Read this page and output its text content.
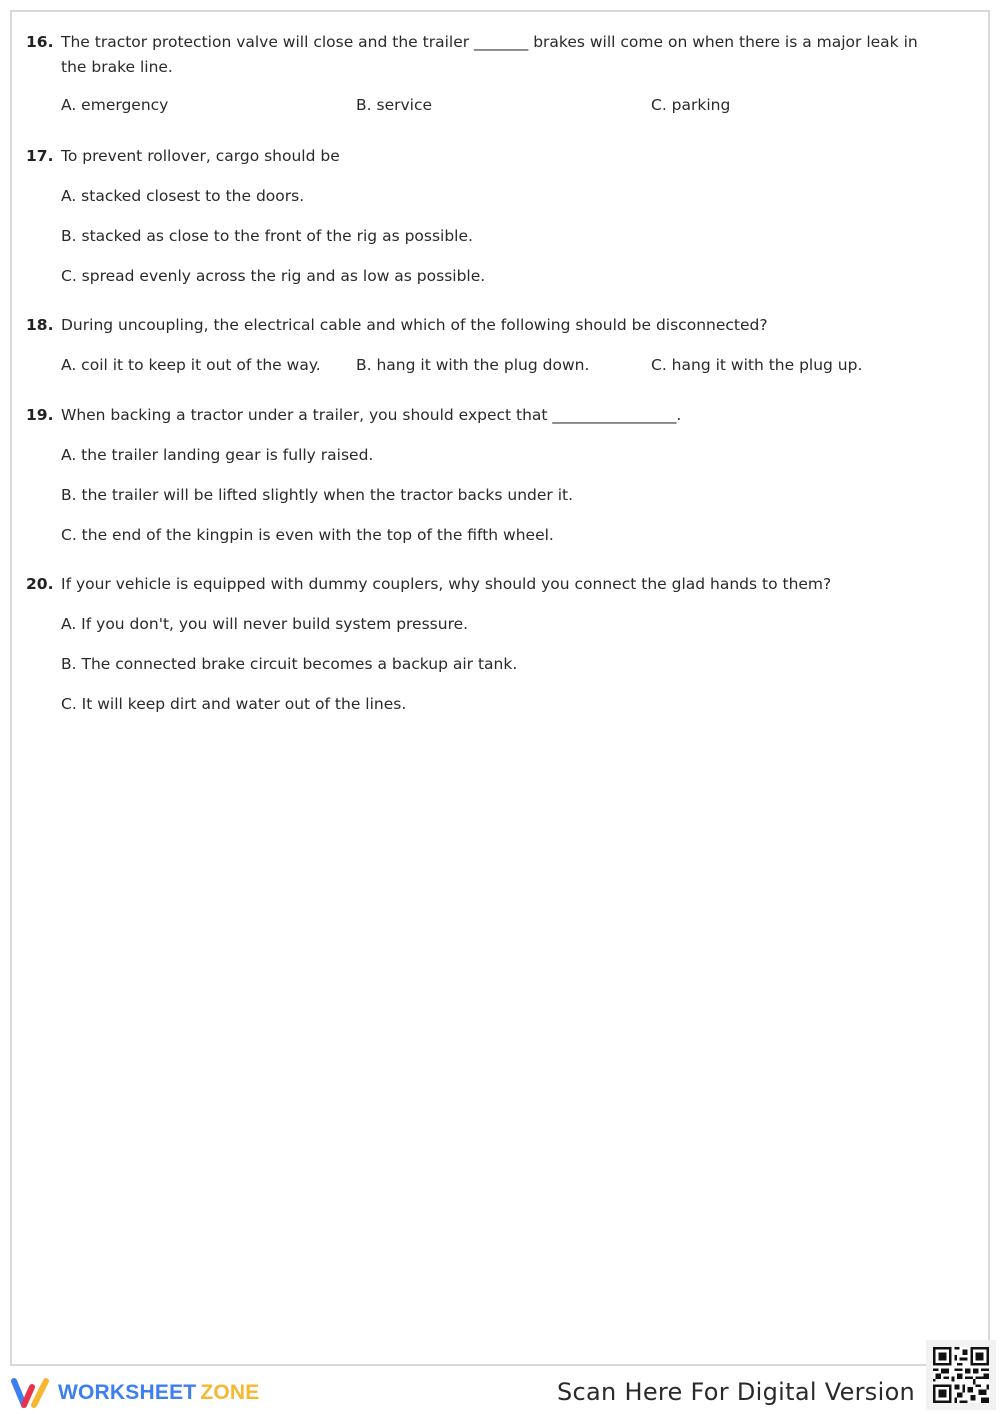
16. The tractor protection valve will close and the trailer _______ brakes will come on when there is a major leak in the brake line.
A. emergency	B. service	C. parking
17. To prevent rollover, cargo should be
A. stacked closest to the doors.
B. stacked as close to the front of the rig as possible.
C. spread evenly across the rig and as low as possible.
18. During uncoupling, the electrical cable and which of the following should be disconnected?
A. coil it to keep it out of the way.	B. hang it with the plug down.	C. hang it with the plug up.
19. When backing a tractor under a trailer, you should expect that ________________.
A. the trailer landing gear is fully raised.
B. the trailer will be lifted slightly when the tractor backs under it.
C. the end of the kingpin is even with the top of the fifth wheel.
20. If your vehicle is equipped with dummy couplers, why should you connect the glad hands to them?
A. If you don't, you will never build system pressure.
B. The connected brake circuit becomes a backup air tank.
C. It will keep dirt and water out of the lines.
WORKSHEET ZONE	Scan Here For Digital Version
